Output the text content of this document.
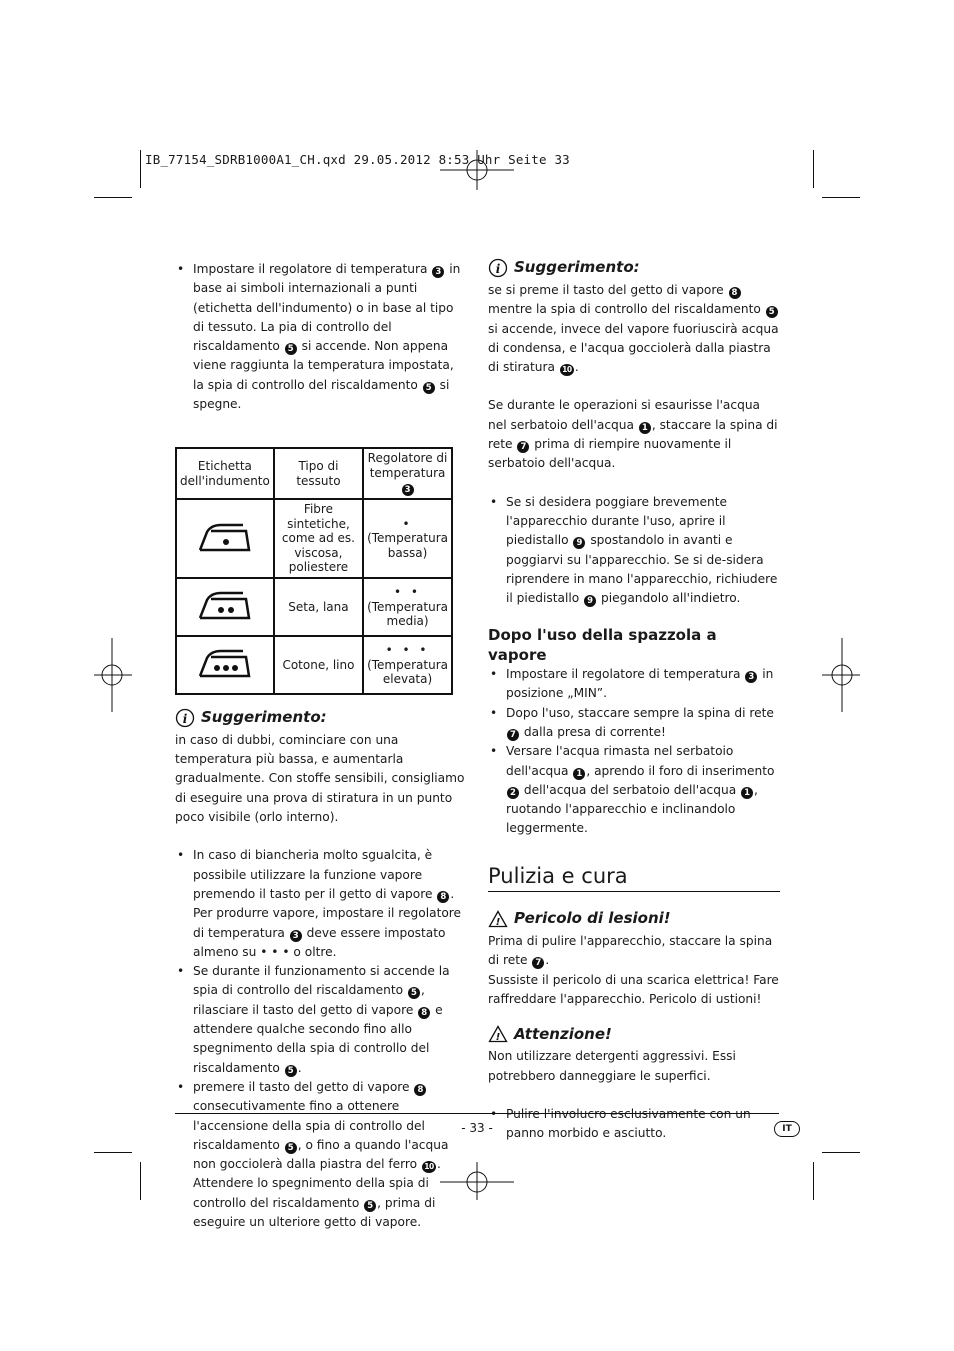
IB_77154_SDRB1000A1_CH.qxd 29.05.2012 8:53 Uhr Seite 33
• Impostare il regolatore di temperatura 3 in base ai simboli internazionali a punti (etichetta dell'indumento) o in base al tipo di tessuto. La pia di controllo del riscaldamento 5 si accende. Non appena viene raggiunta la temperatura impostata, la spia di controllo del riscaldamento 5 si spegne.
Etichetta dell'indumento	Tipo di tessuto	Regolatore di temperatura 3
	Fibre sintetiche, come ad es. viscosa, poliestere	•
(Temperatura bassa)

	Seta, lana	• •
(Temperatura media)

	Cotone, lino	• • •
(Temperatura elevata)
i Suggerimento:

in caso di dubbi, cominciare con una temperatura più bassa, e aumentarla gradualmente. Con stoffe sensibili, consigliamo di eseguire una prova di stiratura in un punto poco visibile (orlo interno).

• In caso di biancheria molto sgualcita, è possibile utilizzare la funzione vapore premendo il tasto per il getto di vapore 8 . Per produrre vapore, impostare il regolatore di temperatura 3 deve essere impostato almeno su • • • o oltre.
• Se durante il funzionamento si accende la spia di controllo del riscaldamento 5 , rilasciare il tasto del getto di vapore 8 e attendere qualche secondo fino allo spegnimento della spia di controllo del riscaldamento 5 .
• premere il tasto del getto di vapore 8 consecutivamente fino a ottenere l'accensione della spia di controllo del riscaldamento 5 , o fino a quando l'acqua non gocciolerà dalla piastra del ferro 10 . Attendere lo spegnimento della spia di controllo del riscaldamento 5 , prima di eseguire un ulteriore getto di vapore.
i Suggerimento:

se si preme il tasto del getto di vapore 8 mentre la spia di controllo del riscaldamento 5 si accende, invece del vapore fuoriuscirà acqua di condensa, e l'acqua gocciolerà dalla piastra di stiratura 10 .

Se durante le operazioni si esaurisse l'acqua nel serbatoio dell'acqua 1 , staccare la spina di rete 7 prima di riempire nuovamente il serbatoio dell'acqua.

• Se si desidera poggiare brevemente l'apparecchio durante l'uso, aprire il piedistallo 9 spostandolo in avanti e poggiarvi su l'apparecchio. Se si de-sidera riprendere in mano l'apparecchio, richiudere il piedistallo 9 piegandolo all'indietro.

Dopo l'uso della spazzola a vapore

• Impostare il regolatore di temperatura 3 in posizione „MIN”.
• Dopo l'uso, staccare sempre la spina di rete 7 dalla presa di corrente!
• Versare l'acqua rimasta nel serbatoio dell'acqua 1 , aprendo il foro di inserimento 2 dell'acqua del serbatoio dell'acqua 1 , ruotando l'apparecchio e inclinandolo leggermente.
Pulizia e cura
! Pericolo di lesioni!

Prima di pulire l'apparecchio, staccare la spina di rete 7 .

Sussiste il pericolo di una scarica elettrica! Fare raffreddare l'apparecchio. Pericolo di ustioni!

! Attenzione!

Non utilizzare detergenti aggressivi. Essi potrebbero danneggiare le superfici.

• panno morbido e asciutto.
- 33 -	IT
